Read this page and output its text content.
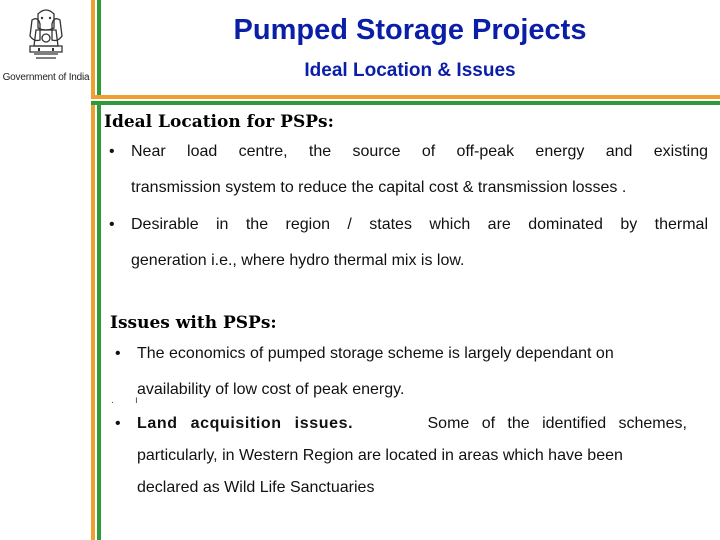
Government of India
Pumped Storage Projects
Ideal Location & Issues
Ideal Location for PSPs:
• Near load centre, the source of off-peak energy and existing
transmission system to reduce the capital cost & transmission losses .
• Desirable in the region / states which are dominated by thermal
generation i.e., where hydro thermal mix is low.
Issues with PSPs:
• The economics of pumped storage scheme is largely dependant on
availability of low cost of peak energy.
. ı
• Land acquisition issues.	Some of the identified schemes,
particularly, in Western Region are located in areas which have been
declared as Wild Life Sanctuaries
